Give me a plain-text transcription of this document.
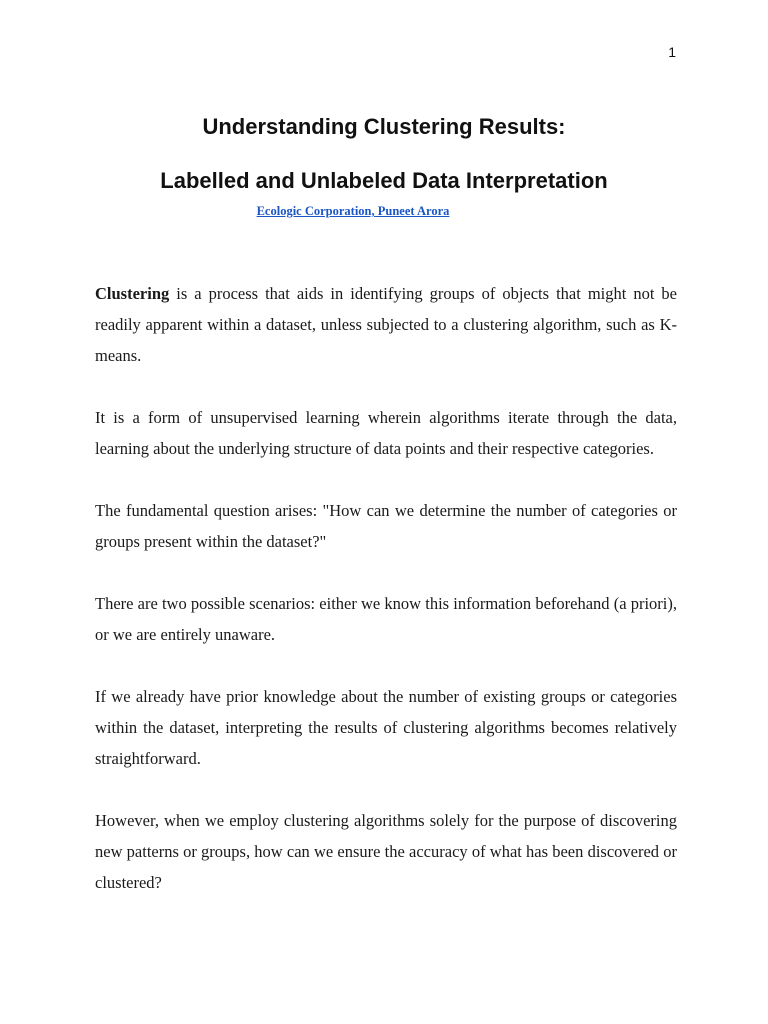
1
Understanding Clustering Results:
Labelled and Unlabeled Data Interpretation
Ecologic Corporation, Puneet Arora

Clustering is a process that aids in identifying groups of objects that might not be readily apparent within a dataset, unless subjected to a clustering algorithm, such as K-means.

It is a form of unsupervised learning wherein algorithms iterate through the data, learning about the underlying structure of data points and their respective categories.

The fundamental question arises: "How can we determine the number of categories or groups present within the dataset?"

There are two possible scenarios: either we know this information beforehand (a priori), or we are entirely unaware.

If we already have prior knowledge about the number of existing groups or categories within the dataset, interpreting the results of clustering algorithms becomes relatively straightforward.

However, when we employ clustering algorithms solely for the purpose of discovering new patterns or groups, how can we ensure the accuracy of what has been discovered or clustered?
